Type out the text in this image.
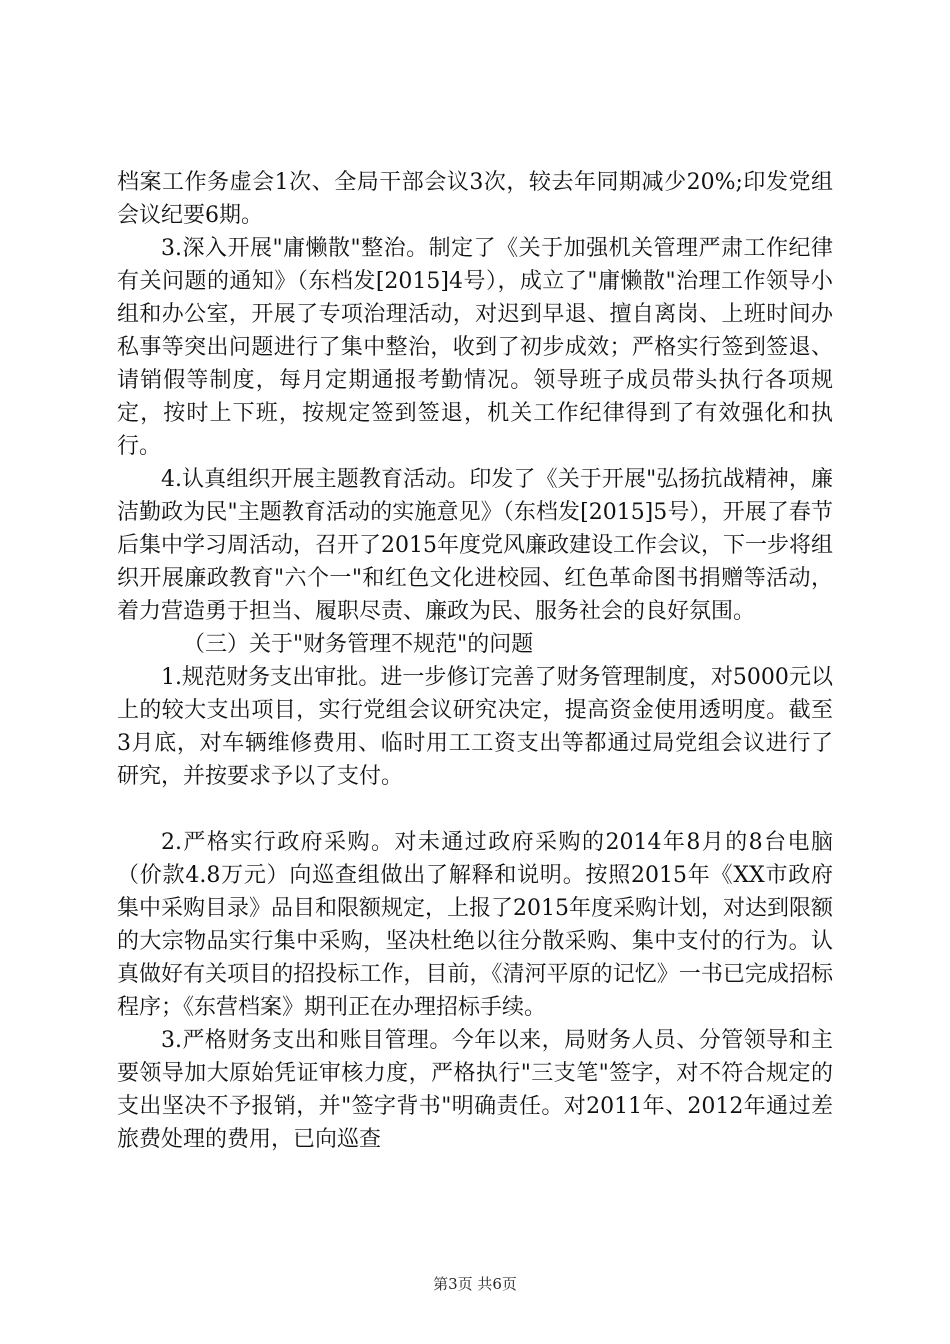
档案工作务虚会1次、全局干部会议3次，较去年同期减少20%;印发党组会议纪要6期。

3.深入开展"庸懒散"整治。制定了《关于加强机关管理严肃工作纪律有关问题的通知》（东档发[2015]4号），成立了"庸懒散"治理工作领导小组和办公室，开展了专项治理活动，对迟到早退、擅自离岗、上班时间办私事等突出问题进行了集中整治，收到了初步成效；严格实行签到签退、请销假等制度，每月定期通报考勤情况。领导班子成员带头执行各项规定，按时上下班，按规定签到签退，机关工作纪律得到了有效强化和执行。

4.认真组织开展主题教育活动。印发了《关于开展"弘扬抗战精神，廉洁勤政为民"主题教育活动的实施意见》（东档发[2015]5号），开展了春节后集中学习周活动，召开了2015年度党风廉政建设工作会议，下一步将组织开展廉政教育"六个一"和红色文化进校园、红色革命图书捐赠等活动，着力营造勇于担当、履职尽责、廉政为民、服务社会的良好氛围。

（三）关于"财务管理不规范"的问题

1.规范财务支出审批。进一步修订完善了财务管理制度，对5000元以上的较大支出项目，实行党组会议研究决定，提高资金使用透明度。截至3月底，对车辆维修费用、临时用工工资支出等都通过局党组会议进行了研究，并按要求予以了支付。

2.严格实行政府采购。对未通过政府采购的2014年8月的8台电脑（价款4.8万元）向巡查组做出了解释和说明。按照2015年《XX市政府集中采购目录》品目和限额规定，上报了2015年度采购计划，对达到限额的大宗物品实行集中采购，坚决杜绝以往分散采购、集中支付的行为。认真做好有关项目的招投标工作，目前，《清河平原的记忆》一书已完成招标程序；《东营档案》期刊正在办理招标手续。

3.严格财务支出和账目管理。今年以来，局财务人员、分管领导和主要领导加大原始凭证审核力度，严格执行"三支笔"签字，对不符合规定的支出坚决不予报销，并"签字背书"明确责任。对2011年、2012年通过差旅费处理的费用，已向巡查

第3页 共6页
